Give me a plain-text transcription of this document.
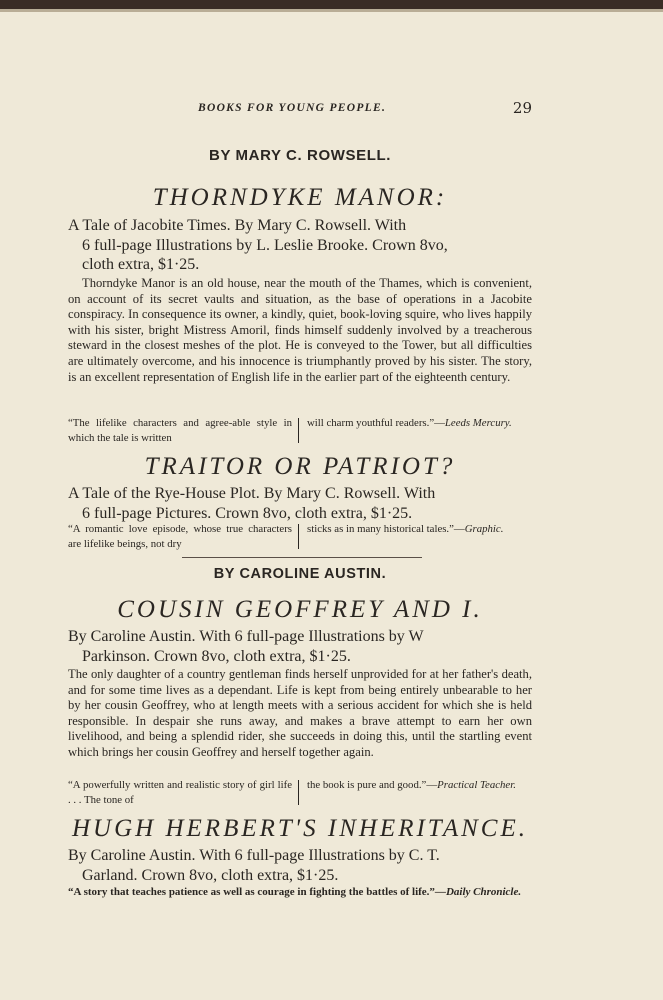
BOOKS FOR YOUNG PEOPLE.	29
BY MARY C. ROWSELL.
THORNDYKE MANOR:
A Tale of Jacobite Times. By Mary C. Rowsell. With
6 full-page Illustrations by L. Leslie Brooke. Crown 8vo,
cloth extra, $1·25.
Thorndyke Manor is an old house, near the mouth of the Thames, which is convenient, on account of its secret vaults and situation, as the base of operations in a Jacobite conspiracy. In consequence its owner, a kindly, quiet, book-loving squire, who lives happily with his sister, bright Mistress Amoril, finds himself suddenly involved by a treacherous steward in the closest meshes of the plot. He is conveyed to the Tower, but all difficulties are ultimately overcome, and his innocence is triumphantly proved by his sister. The story, is an excellent representation of English life in the earlier part of the eighteenth century.
“The lifelike characters and agree-able style in which the tale is written
will charm youthful readers.”—Leeds Mercury.
TRAITOR OR PATRIOT?
A Tale of the Rye-House Plot. By Mary C. Rowsell. With
6 full-page Pictures. Crown 8vo, cloth extra, $1·25.
“A romantic love episode, whose true characters are lifelike beings, not dry
sticks as in many historical tales.”—Graphic.
BY CAROLINE AUSTIN.
COUSIN GEOFFREY AND I.
By Caroline Austin. With 6 full-page Illustrations by W
Parkinson. Crown 8vo, cloth extra, $1·25.
The only daughter of a country gentleman finds herself unprovided for at her father's death, and for some time lives as a dependant. Life is kept from being entirely unbearable to her by her cousin Geoffrey, who at length meets with a serious accident for which she is held responsible. In despair she runs away, and makes a brave attempt to earn her own livelihood, and being a splendid rider, she succeeds in doing this, until the startling event which brings her cousin Geoffrey and herself together again.
“A powerfully written and realistic story of girl life . . . The tone of
the book is pure and good.”—Practical Teacher.
HUGH HERBERT'S INHERITANCE.
By Caroline Austin. With 6 full-page Illustrations by C. T.
Garland. Crown 8vo, cloth extra, $1·25.
“A story that teaches patience as well as courage in fighting the battles of life.”—Daily Chronicle.
